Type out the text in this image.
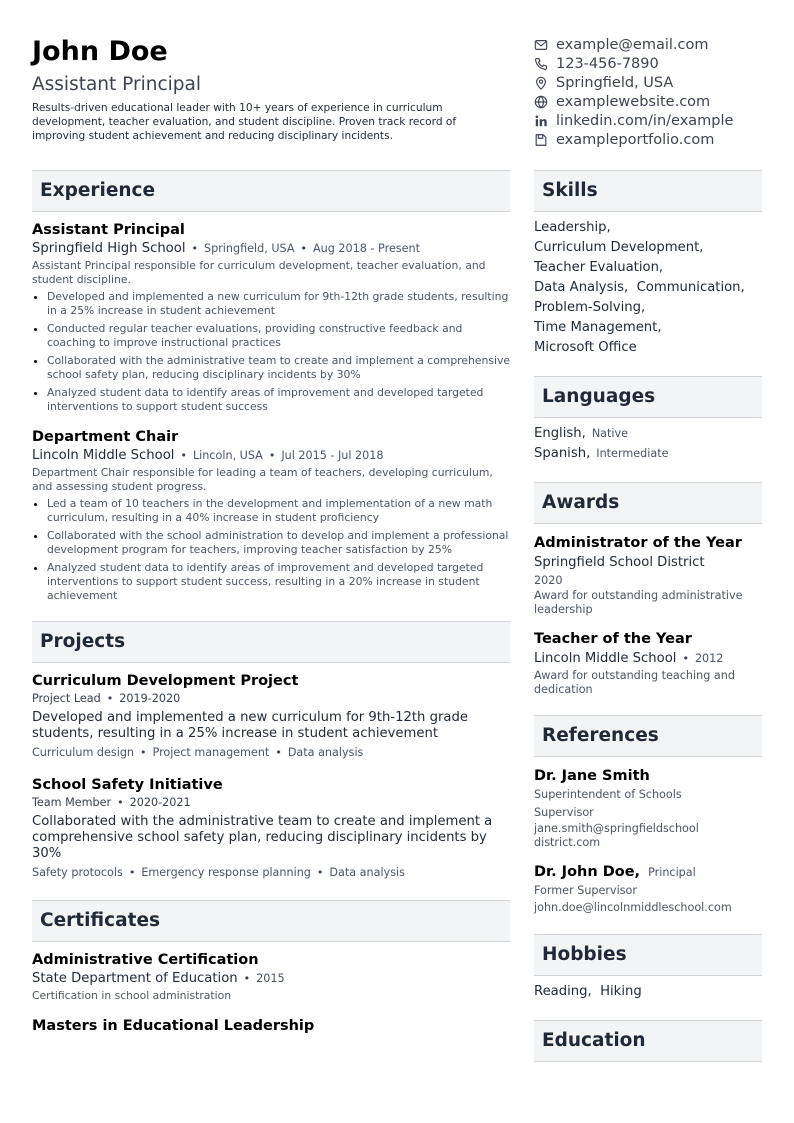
John Doe
Assistant Principal
Results-driven educational leader with 10+ years of experience in curriculum development, teacher evaluation, and student discipline. Proven track record of improving student achievement and reducing disciplinary incidents.
example@email.com
123-456-7890
Springfield, USA
examplewebsite.com
linkedin.com/in/example
exampleportfolio.com
Experience
Assistant Principal
Springfield High School • Springfield, USA • Aug 2018 - Present
Assistant Principal responsible for curriculum development, teacher evaluation, and student discipline.
• Developed and implemented a new curriculum for 9th-12th grade students, resulting in a 25% increase in student achievement
• Conducted regular teacher evaluations, providing constructive feedback and coaching to improve instructional practices
• Collaborated with the administrative team to create and implement a comprehensive school safety plan, reducing disciplinary incidents by 30%
• Analyzed student data to identify areas of improvement and developed targeted interventions to support student success
Department Chair
Lincoln Middle School • Lincoln, USA • Jul 2015 - Jul 2018
Department Chair responsible for leading a team of teachers, developing curriculum, and assessing student progress.
• Led a team of 10 teachers in the development and implementation of a new math curriculum, resulting in a 40% increase in student proficiency
• Collaborated with the school administration to develop and implement a professional development program for teachers, improving teacher satisfaction by 25%
• Analyzed student data to identify areas of improvement and developed targeted interventions to support student success, resulting in a 20% increase in student achievement
Projects
Curriculum Development Project
Project Lead • 2019-2020
Developed and implemented a new curriculum for 9th-12th grade students, resulting in a 25% increase in student achievement
Curriculum design • Project management • Data analysis
School Safety Initiative
Team Member • 2020-2021
Collaborated with the administrative team to create and implement a comprehensive school safety plan, reducing disciplinary incidents by 30%
Safety protocols • Emergency response planning • Data analysis
Certificates
Administrative Certification
State Department of Education • 2015
Certification in school administration
Masters in Educational Leadership
Skills
Leadership,
Curriculum Development,
Teacher Evaluation,
Data Analysis,  Communication,
Problem-Solving,
Time Management,
Microsoft Office
Languages
English, Native
Spanish, Intermediate
Awards
Administrator of the Year
Springfield School District
2020
Award for outstanding administrative leadership
Teacher of the Year
Lincoln Middle School • 2012
Award for outstanding teaching and dedication
References
Dr. Jane Smith
Superintendent of Schools
Supervisor
jane.smith@springfieldschool district.com
Dr. John Doe, Principal
Former Supervisor
john.doe@lincolnmiddleschool.com
Hobbies
Reading,  Hiking
Education
